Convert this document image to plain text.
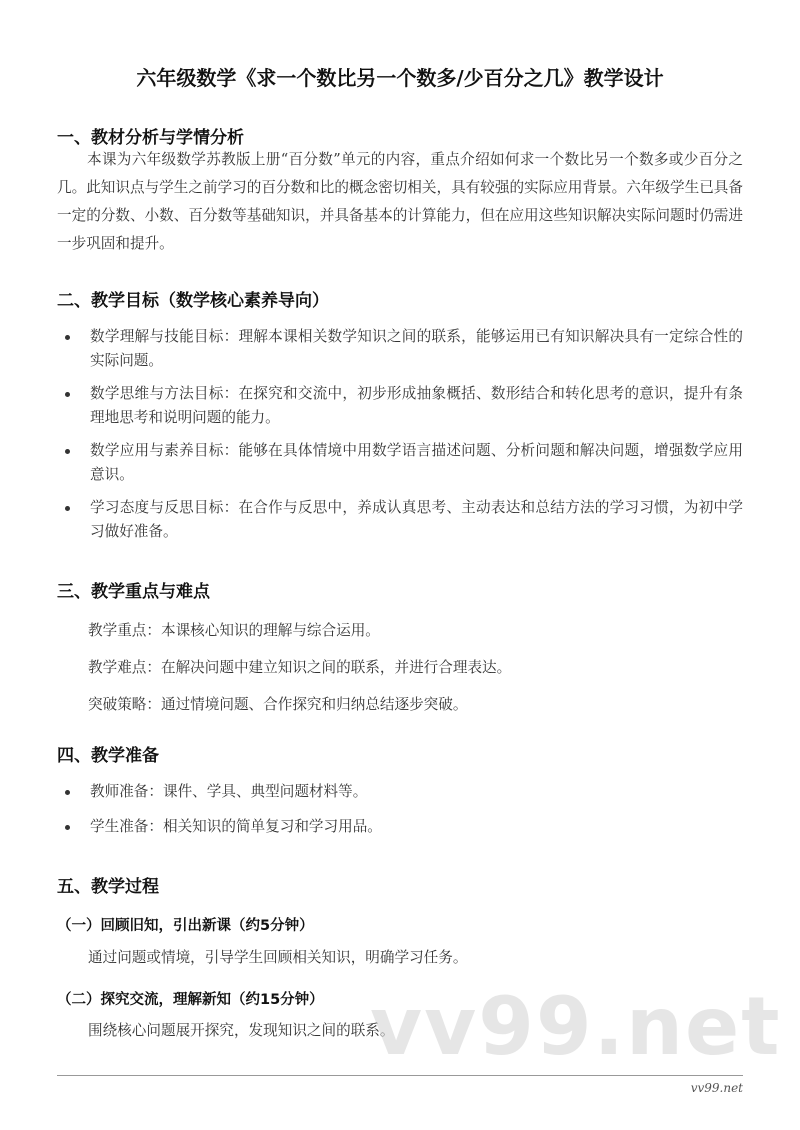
六年级数学《求一个数比另一个数多/少百分之几》教学设计
一、教材分析与学情分析
本课为六年级数学苏教版上册“百分数”单元的内容，重点介绍如何求一个数比另一个数多或少百分之几。此知识点与学生之前学习的百分数和比的概念密切相关，具有较强的实际应用背景。六年级学生已具备一定的分数、小数、百分数等基础知识，并具备基本的计算能力，但在应用这些知识解决实际问题时仍需进一步巩固和提升。
二、教学目标（数学核心素养导向）
数学理解与技能目标：理解本课相关数学知识之间的联系，能够运用已有知识解决具有一定综合性的实际问题。
数学思维与方法目标：在探究和交流中，初步形成抽象概括、数形结合和转化思考的意识，提升有条理地思考和说明问题的能力。
数学应用与素养目标：能够在具体情境中用数学语言描述问题、分析问题和解决问题，增强数学应用意识。
学习态度与反思目标：在合作与反思中，养成认真思考、主动表达和总结方法的学习习惯，为初中学习做好准备。
三、教学重点与难点
教学重点：本课核心知识的理解与综合运用。
教学难点：在解决问题中建立知识之间的联系，并进行合理表达。
突破策略：通过情境问题、合作探究和归纳总结逐步突破。
四、教学准备
教师准备：课件、学具、典型问题材料等。
学生准备：相关知识的简单复习和学习用品。
五、教学过程
（一）回顾旧知，引出新课（约5分钟）
通过问题或情境，引导学生回顾相关知识，明确学习任务。
（二）探究交流，理解新知（约15分钟）
围绕核心问题展开探究，发现知识之间的联系。
vv99.net
vv99.net
